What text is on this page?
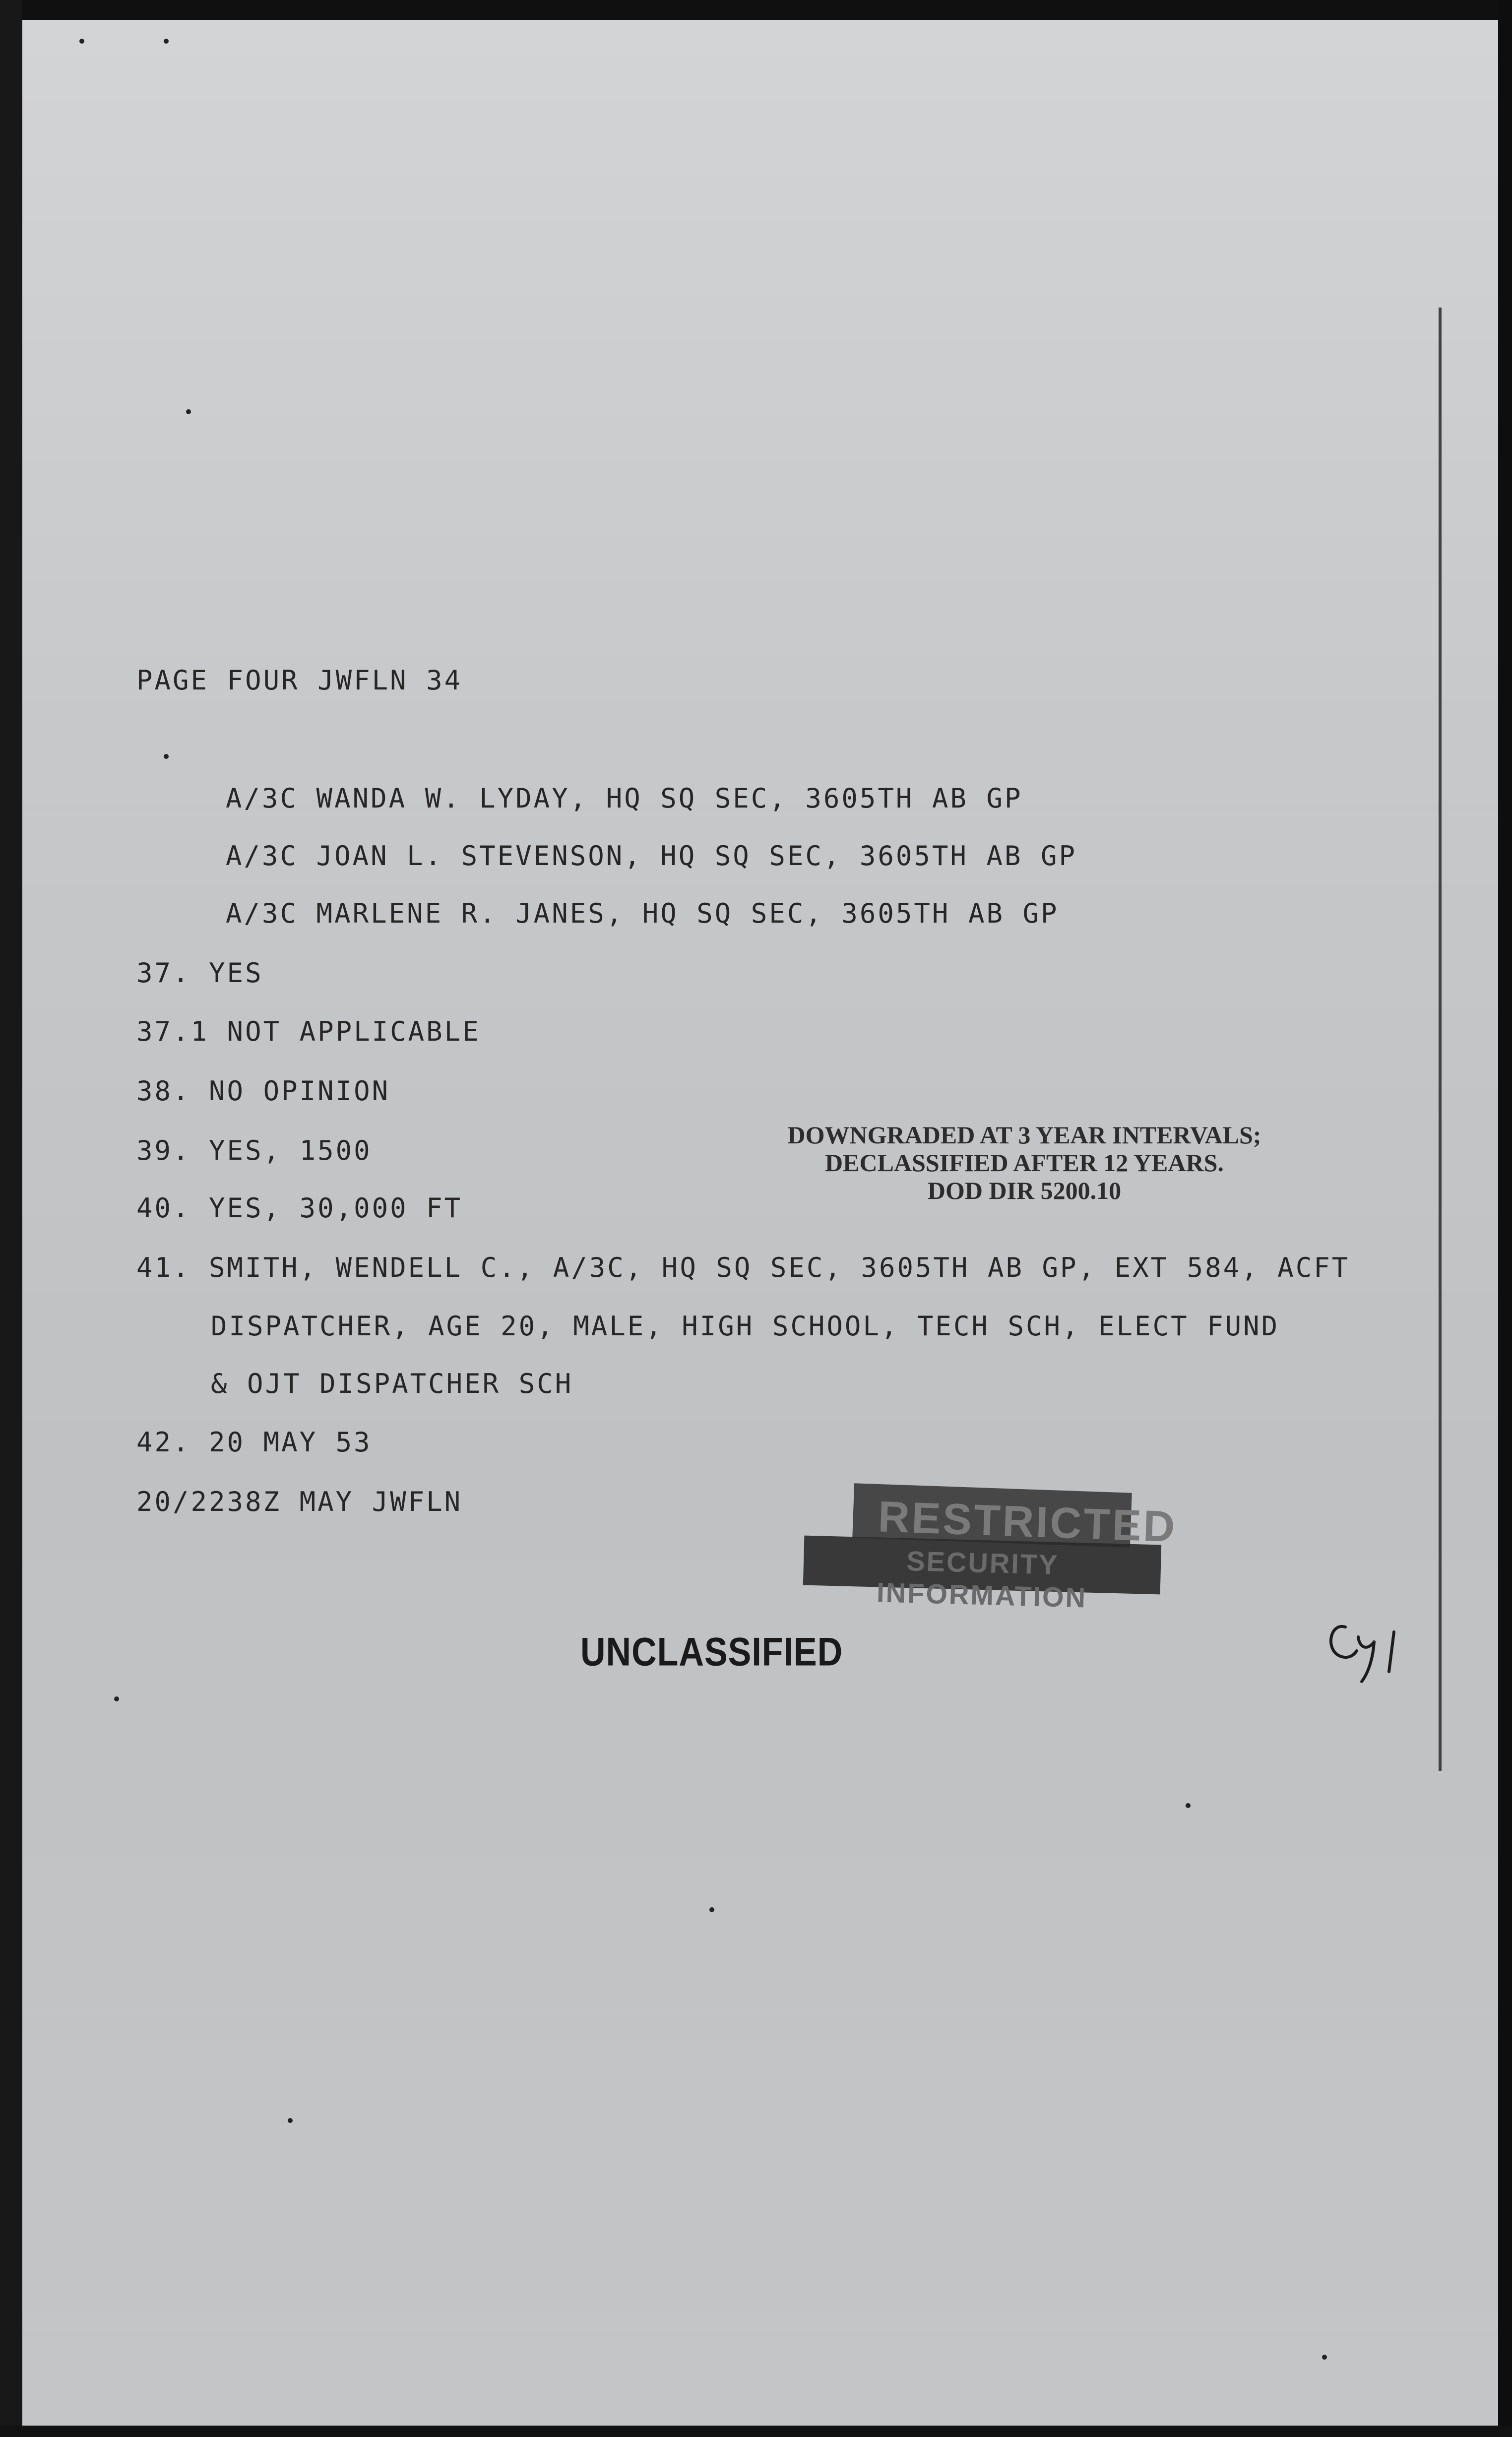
PAGE FOUR JWFLN 34
A/3C WANDA W. LYDAY, HQ SQ SEC, 3605TH AB GP
A/3C JOAN L. STEVENSON, HQ SQ SEC, 3605TH AB GP
A/3C MARLENE R. JANES, HQ SQ SEC, 3605TH AB GP
37. YES
37.1 NOT APPLICABLE
38. NO OPINION
39. YES, 1500
40. YES, 30,000 FT
41. SMITH, WENDELL C., A/3C, HQ SQ SEC, 3605TH AB GP, EXT 584, ACFT
DISPATCHER, AGE 20, MALE, HIGH SCHOOL, TECH SCH, ELECT FUND
& OJT DISPATCHER SCH
42. 20 MAY 53
20/2238Z MAY JWFLN
DOWNGRADED AT 3 YEAR INTERVALS;
DECLASSIFIED AFTER 12 YEARS.
DOD DIR 5200.10
RESTRICTED
SECURITY INFORMATION
UNCLASSIFIED
